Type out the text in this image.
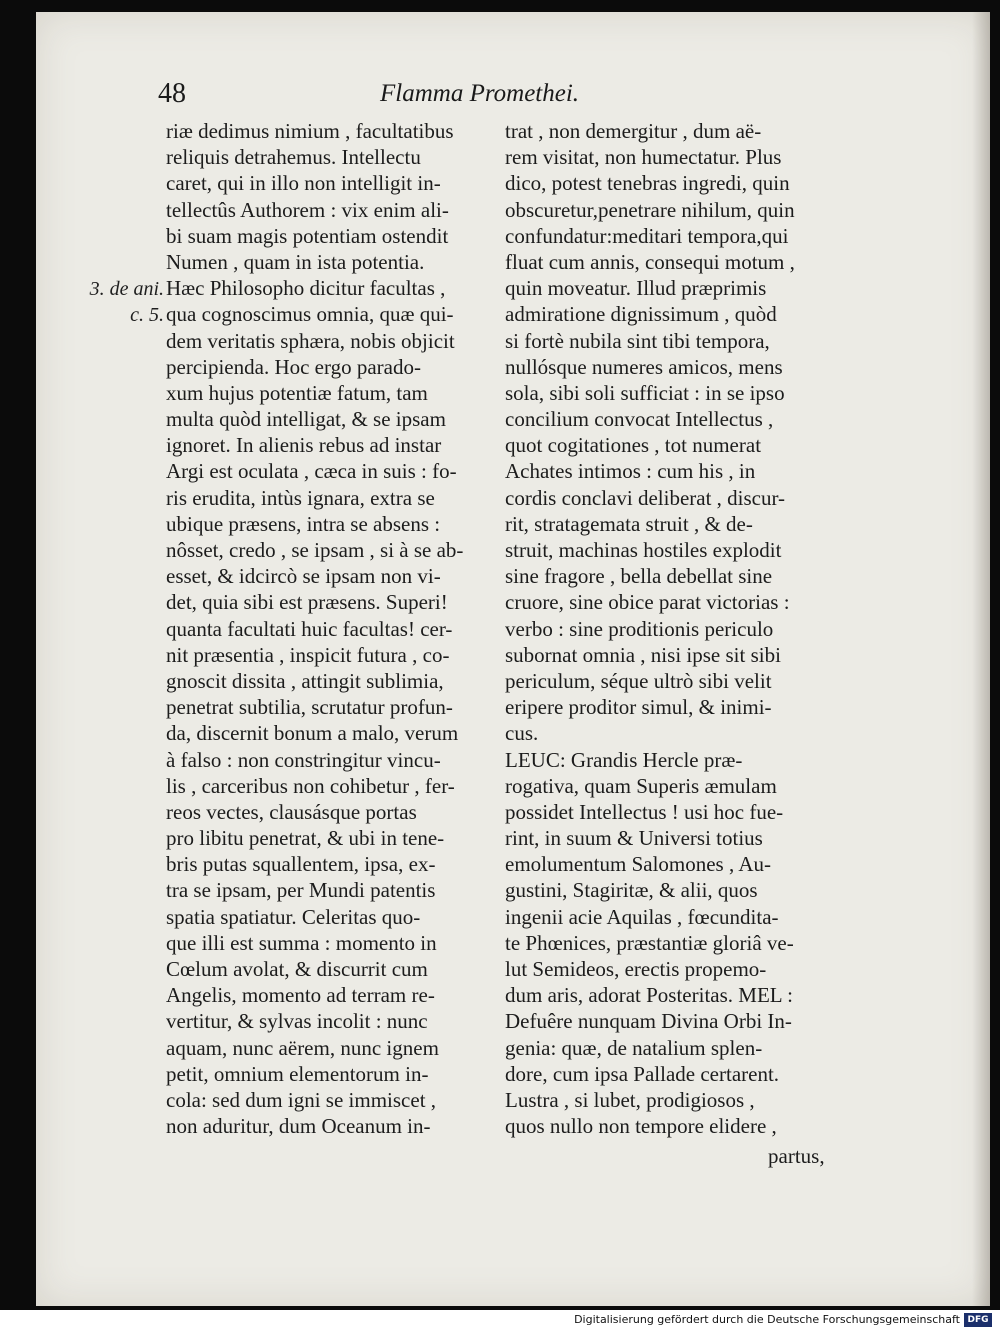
48	Flamma Promethei.
3. de ani.
c. 5.
riæ dedimus nimium , facultatibus
reliquis detrahemus. Intellectu
caret, qui in illo non intelligit in-
tellectûs Authorem : vix enim ali-
bi suam magis potentiam ostendit
Numen , quam in ista potentia.
Hæc Philosopho dicitur facultas ,
qua cognoscimus omnia, quæ qui-
dem veritatis sphæra, nobis objicit
percipienda. Hoc ergo parado-
xum hujus potentiæ fatum, tam
multa quòd intelligat, & se ipsam
ignoret. In alienis rebus ad instar
Argi est oculata , cæca in suis : fo-
ris erudita, intùs ignara, extra se
ubique præsens, intra se absens :
nôsset, credo , se ipsam , si à se ab-
esset, & idcircò se ipsam non vi-
det, quia sibi est præsens. Superi!
quanta facultati huic facultas! cer-
nit præsentia , inspicit futura , co-
gnoscit dissita , attingit sublimia,
penetrat subtilia, scrutatur profun-
da, discernit bonum a malo, verum
à falso : non constringitur vincu-
lis , carceribus non cohibetur , fer-
reos vectes, clausásque portas
pro libitu penetrat, & ubi in tene-
bris putas squallentem, ipsa, ex-
tra se ipsam, per Mundi patentis
spatia spatiatur. Celeritas quo-
que illi est summa : momento in
Cœlum avolat, & discurrit cum
Angelis, momento ad terram re-
vertitur, & sylvas incolit : nunc
aquam, nunc aërem, nunc ignem
petit, omnium elementorum in-
cola: sed dum igni se immiscet ,
non aduritur, dum Oceanum in-
trat , non demergitur , dum aë-
rem visitat, non humectatur. Plus
dico, potest tenebras ingredi, quin
obscuretur,penetrare nihilum, quin
confundatur:meditari tempora,qui
fluat cum annis, consequi motum ,
quin moveatur. Illud præprimis
admiratione dignissimum , quòd
si fortè nubila sint tibi tempora,
nullósque numeres amicos, mens
sola, sibi soli sufficiat : in se ipso
concilium convocat Intellectus ,
quot cogitationes , tot numerat
Achates intimos : cum his , in
cordis conclavi deliberat , discur-
rit, stratagemata struit , & de-
struit, machinas hostiles explodit
sine fragore , bella debellat sine
cruore, sine obice parat victorias :
verbo : sine proditionis periculo
subornat omnia , nisi ipse sit sibi
periculum, séque ultrò sibi velit
eripere proditor simul, & inimi-
cus.
LEUC: Grandis Hercle præ-
rogativa, quam Superis æmulam
possidet Intellectus ! usi hoc fue-
rint, in suum & Universi totius
emolumentum Salomones , Au-
gustini, Stagiritæ, & alii, quos
ingenii acie Aquilas , fœcundita-
te Phœnices, præstantiæ gloriâ ve-
lut Semideos, erectis propemo-
dum aris, adorat Posteritas. MEL :
Defuêre nunquam Divina Orbi In-
genia: quæ, de natalium splen-
dore, cum ipsa Pallade certarent.
Lustra , si lubet, prodigiosos ,
quos nullo non tempore elidere ,
partus,
Digitalisierung gefördert durch die Deutsche Forschungsgemeinschaft DFG
